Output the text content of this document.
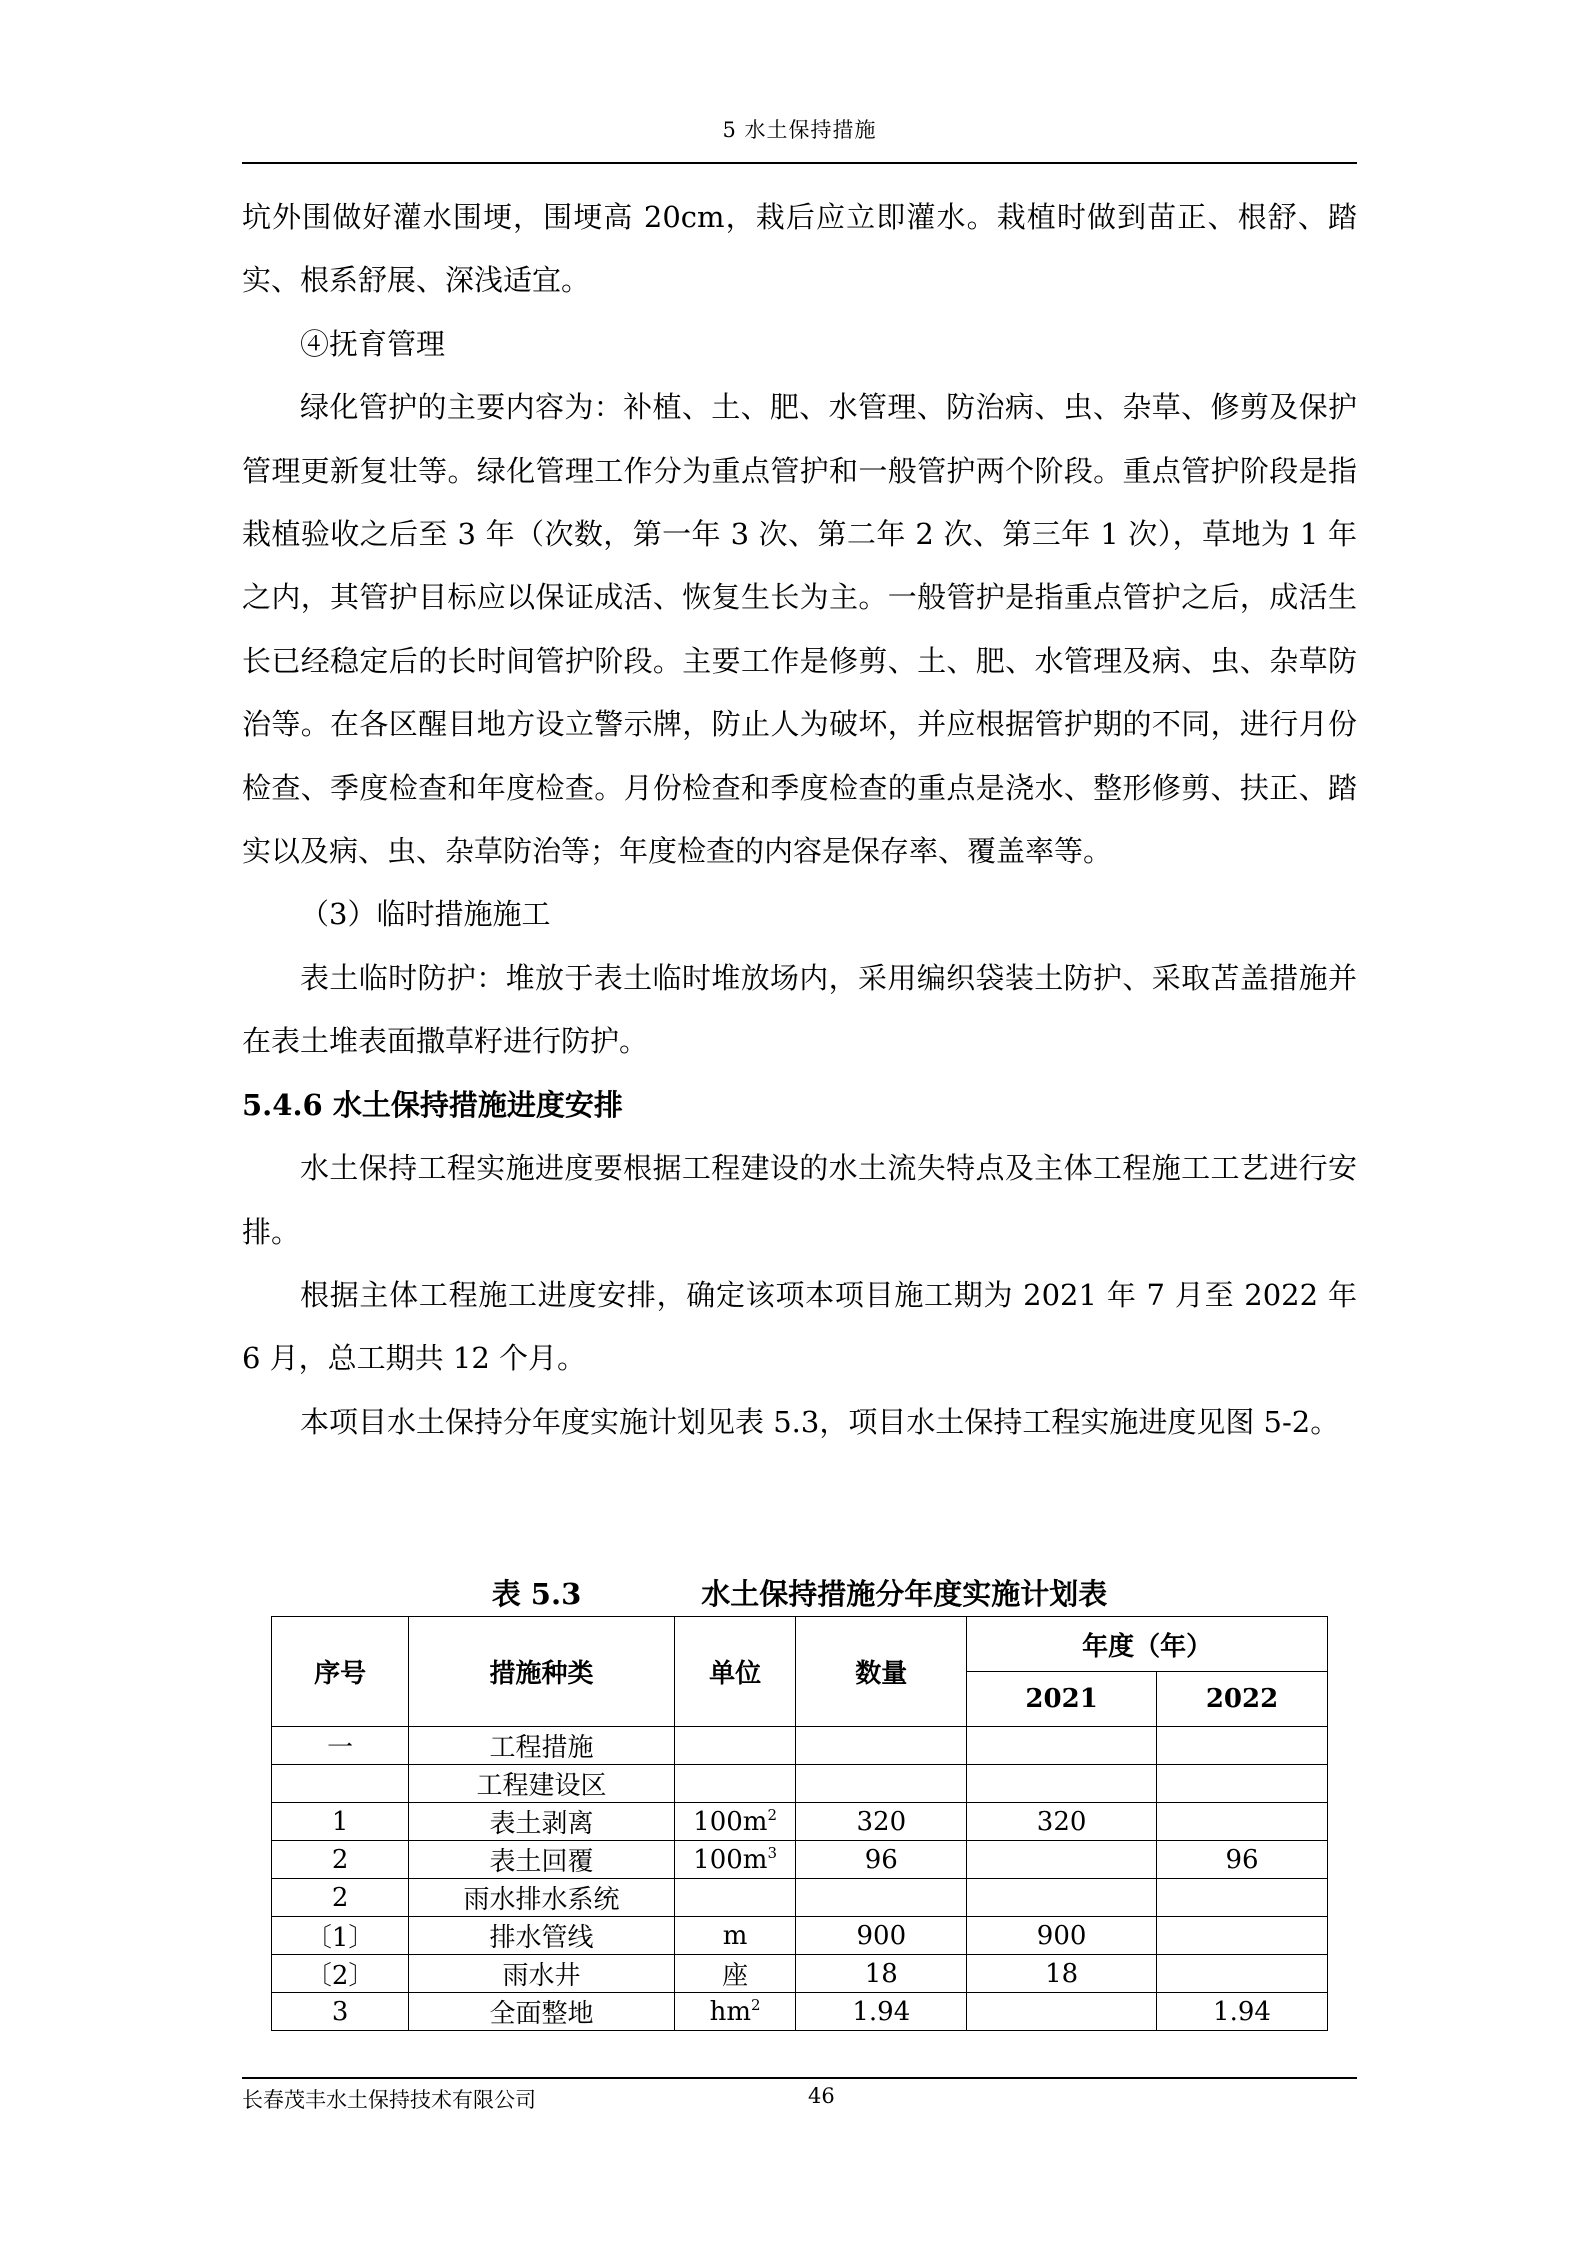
5 水土保持措施

坑外围做好灌水围埂，围埂高 20cm，栽后应立即灌水。栽植时做到苗正、根舒、踏实、根系舒展、深浅适宜。

④抚育管理

绿化管护的主要内容为：补植、土、肥、水管理、防治病、虫、杂草、修剪及保护管理更新复壮等。绿化管理工作分为重点管护和一般管护两个阶段。重点管护阶段是指栽植验收之后至 3 年（次数，第一年 3 次、第二年 2 次、第三年 1 次），草地为 1 年之内，其管护目标应以保证成活、恢复生长为主。一般管护是指重点管护之后，成活生长已经稳定后的长时间管护阶段。主要工作是修剪、土、肥、水管理及病、虫、杂草防治等。在各区醒目地方设立警示牌，防止人为破坏，并应根据管护期的不同，进行月份检查、季度检查和年度检查。月份检查和季度检查的重点是浇水、整形修剪、扶正、踏实以及病、虫、杂草防治等；年度检查的内容是保存率、覆盖率等。

（3）临时措施施工

表土临时防护：堆放于表土临时堆放场内，采用编织袋装土防护、采取苫盖措施并在表土堆表面撒草籽进行防护。

5.4.6 水土保持措施进度安排

水土保持工程实施进度要根据工程建设的水土流失特点及主体工程施工工艺进行安排。

根据主体工程施工进度安排，确定该项本项目施工期为 2021 年 7 月至 2022 年 6 月，总工期共 12 个月。

本项目水土保持分年度实施计划见表 5.3，项目水土保持工程实施进度见图 5-2。

表 5.3	水土保持措施分年度实施计划表
序号	措施种类	单位	数量	年度（年）	
				2021	2022
一	工程措施				
	工程建设区				
1	表土剥离	$100m^2$	320	320	
2	表土回覆	$100m^3$	96		96
2	雨水排水系统				
〔1〕	排水管线	m	900	900	
〔2〕	雨水井	座	18	18	
3	全面整地	$hm^2$	1.94		1.94
长春茂丰水土保持技术有限公司	46
